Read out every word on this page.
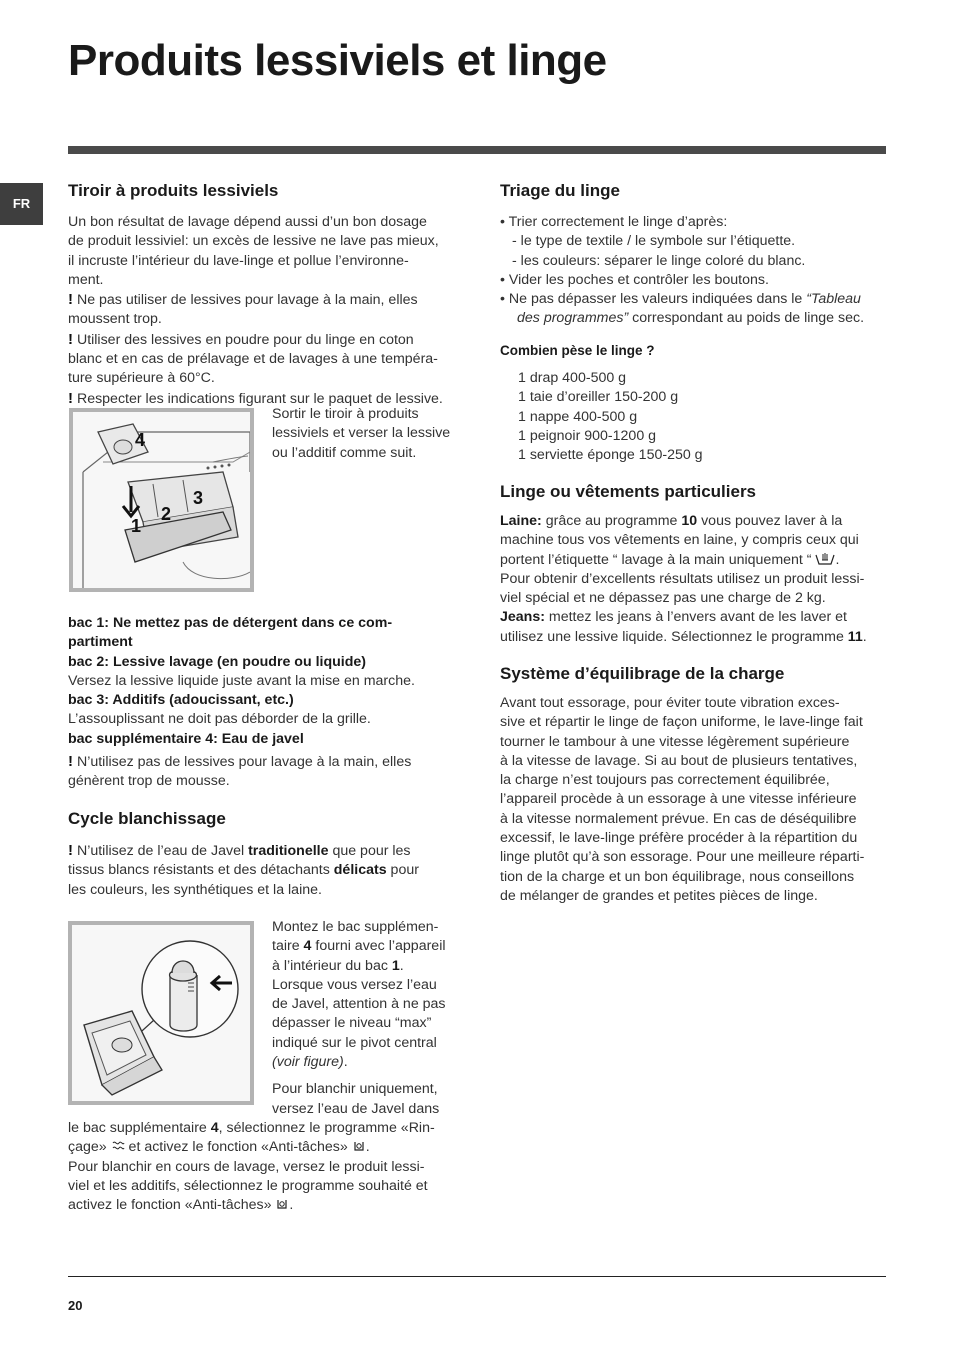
Produits lessiviels et linge
FR
Tiroir à produits lessiviels
Un bon résultat de lavage dépend aussi d’un bon dosage
de produit lessiviel: un excès de lessive ne lave pas mieux,
il incruste l’intérieur du lave-linge et pollue l’environne-
ment.
! Ne pas utiliser de lessives pour lavage à la main, elles
moussent trop.
! Utiliser des lessives en poudre pour du linge en coton
blanc et en cas de prélavage et de lavages à une tempéra-
ture supérieure à 60°C.
! Respecter les indications figurant sur le paquet de lessive.
Sortir le tiroir à produits
lessiviels et verser la lessive
ou l’additif comme suit.
1
2
3
4
bac 1: Ne mettez pas de détergent dans ce com-
partiment
bac 2: Lessive lavage (en poudre ou liquide)
Versez la lessive liquide juste avant la mise en marche.
bac 3: Additifs (adoucissant, etc.)
L’assouplissant ne doit pas déborder de la grille.
bac supplémentaire 4: Eau de javel
! N’utilisez pas de lessives pour lavage à la main, elles
génèrent trop de mousse.
Cycle blanchissage
! N’utilisez de l’eau de Javel traditionelle que pour les
tissus blancs résistants et des détachants délicats pour
les couleurs, les synthétiques et la laine.
Montez le bac supplémen-
taire 4 fourni avec l’appareil
à l’intérieur du bac 1.
Lorsque vous versez l’eau
de Javel, attention à ne pas
dépasser le niveau “max”
indiqué sur le pivot central
(voir figure).
Pour blanchir uniquement,
versez l’eau de Javel dans
le bac supplémentaire 4, sélectionnez le programme «Rin-
çage»  et activez le fonction «Anti-tâches» .
Pour blanchir en cours de lavage, versez le produit lessi-
viel et les additifs, sélectionnez le programme souhaité et
activez le fonction «Anti-tâches» .
Triage du linge
• Trier correctement le linge d’après:
- le type de textile / le symbole sur l’étiquette.
- les couleurs: séparer le linge coloré du blanc.
• Vider les poches et contrôler les boutons.
• Ne pas dépasser les valeurs indiquées dans le “Tableau
des programmes” correspondant au poids de linge sec.
Combien pèse le linge ?
1 drap 400-500 g
1 taie d’oreiller 150-200 g
1 nappe 400-500 g
1 peignoir 900-1200 g
1 serviette éponge 150-250 g
Linge ou vêtements particuliers
Laine: grâce au programme 10 vous pouvez laver à la
machine tous vos vêtements en laine, y compris ceux qui
portent l’étiquette “ lavage à la main uniquement “ .
Pour obtenir d’excellents résultats utilisez un produit lessi-
viel spécial et ne dépassez pas une charge de 2 kg.
Jeans: mettez les jeans à l’envers avant de les laver et
utilisez une lessive liquide. Sélectionnez le programme 11.
Système d’équilibrage de la charge
Avant tout essorage, pour éviter toute vibration exces-
sive et répartir le linge de façon uniforme, le lave-linge fait
tourner le tambour à une vitesse légèrement supérieure
à la vitesse de lavage. Si au bout de plusieurs tentatives,
la charge n’est toujours pas correctement équilibrée,
l’appareil procède à un essorage à une vitesse inférieure
à la vitesse normalement prévue. En cas de déséquilibre
excessif, le lave-linge préfère procéder à la répartition du
linge plutôt qu’à son essorage. Pour une meilleure réparti-
tion de la charge et un bon équilibrage, nous conseillons
de mélanger de grandes et petites pièces de linge.
20
